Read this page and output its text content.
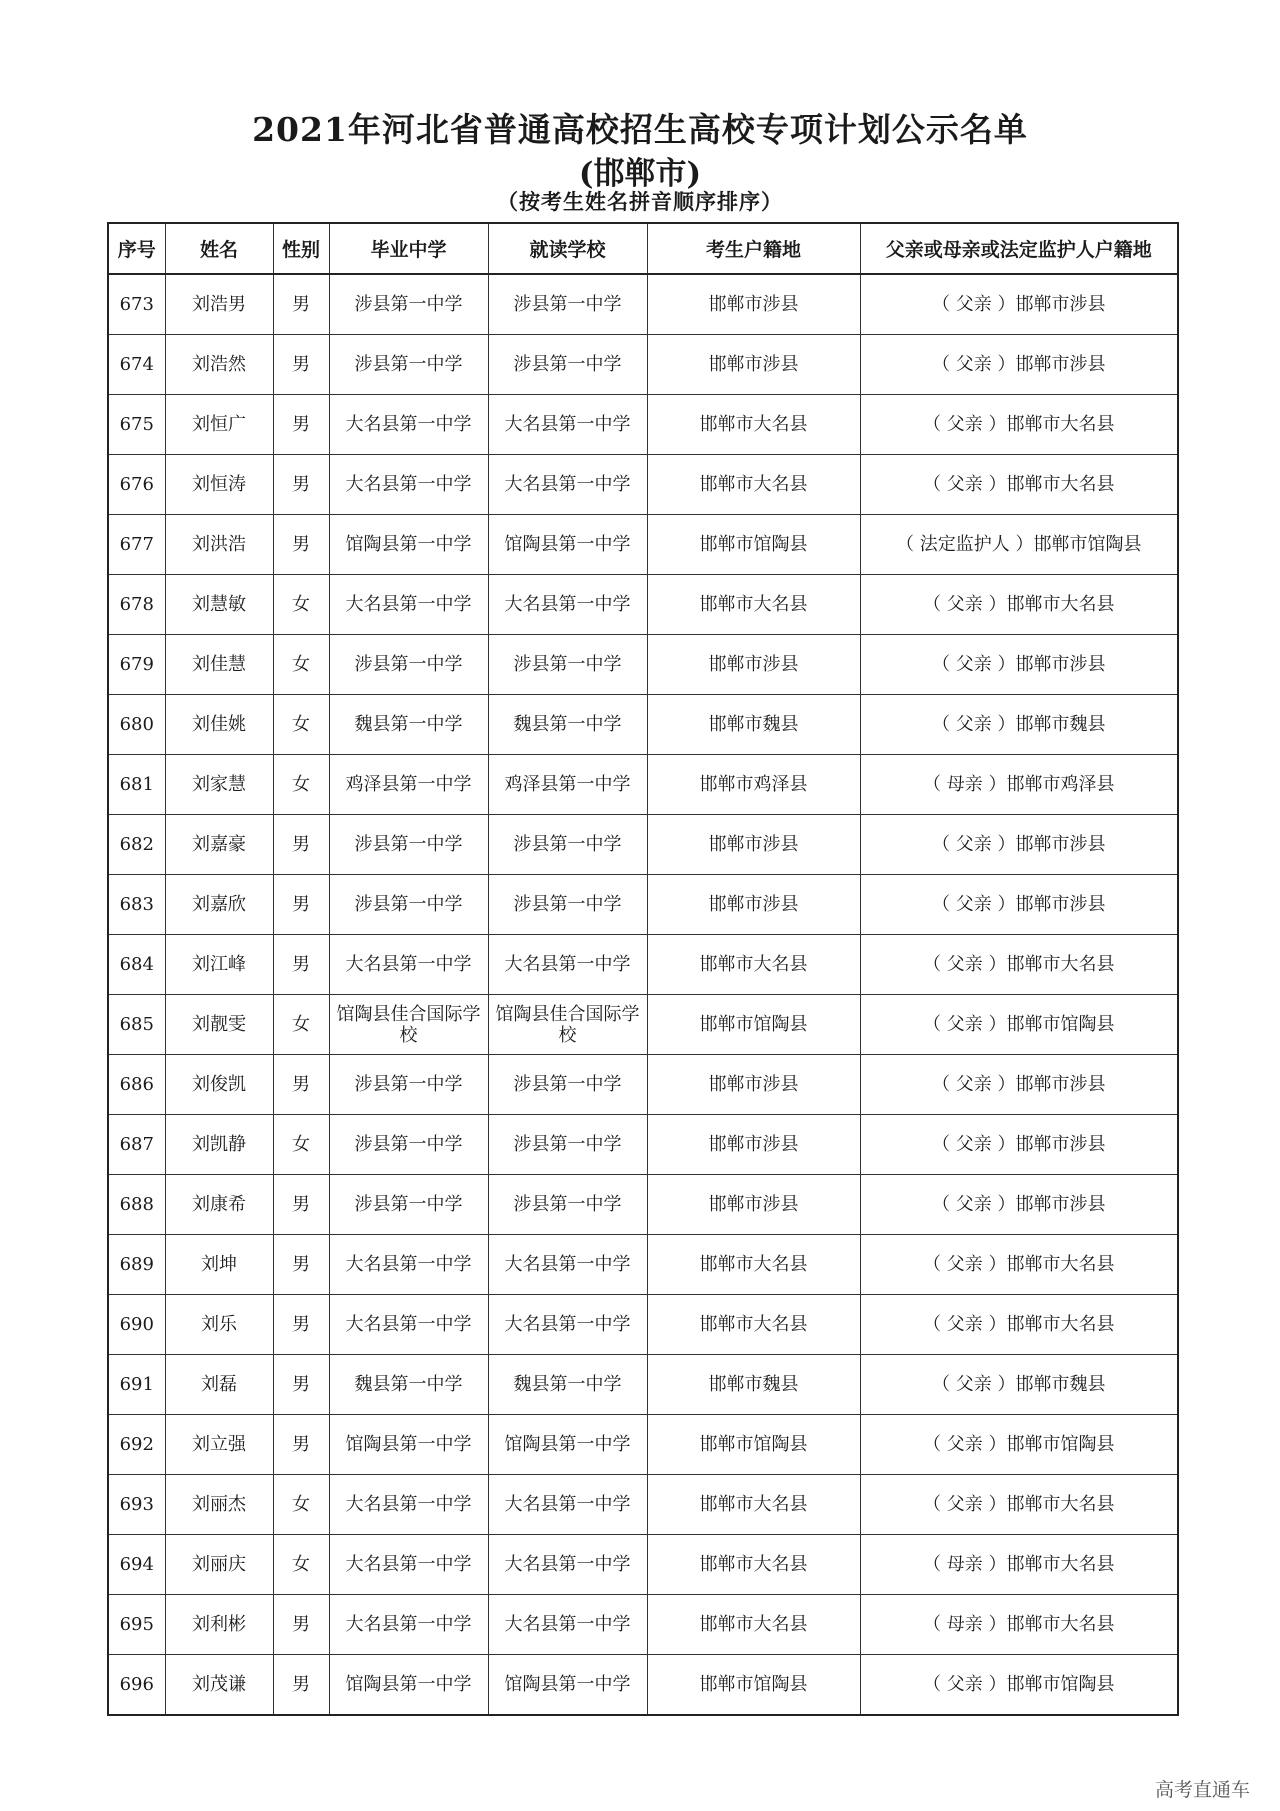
2021年河北省普通高校招生高校专项计划公示名单
(邯郸市)
（按考生姓名拼音顺序排序）
序号	姓名	性别	毕业中学	就读学校	考生户籍地	父亲或母亲或法定监护人户籍地
673	刘浩男	男	涉县第一中学	涉县第一中学	邯郸市涉县	（ 父亲 ）邯郸市涉县
674	刘浩然	男	涉县第一中学	涉县第一中学	邯郸市涉县	（ 父亲 ）邯郸市涉县
675	刘恒广	男	大名县第一中学	大名县第一中学	邯郸市大名县	（ 父亲 ）邯郸市大名县
676	刘恒涛	男	大名县第一中学	大名县第一中学	邯郸市大名县	（ 父亲 ）邯郸市大名县
677	刘洪浩	男	馆陶县第一中学	馆陶县第一中学	邯郸市馆陶县	（ 法定监护人 ）邯郸市馆陶县
678	刘慧敏	女	大名县第一中学	大名县第一中学	邯郸市大名县	（ 父亲 ）邯郸市大名县
679	刘佳慧	女	涉县第一中学	涉县第一中学	邯郸市涉县	（ 父亲 ）邯郸市涉县
680	刘佳姚	女	魏县第一中学	魏县第一中学	邯郸市魏县	（ 父亲 ）邯郸市魏县
681	刘家慧	女	鸡泽县第一中学	鸡泽县第一中学	邯郸市鸡泽县	（ 母亲 ）邯郸市鸡泽县
682	刘嘉豪	男	涉县第一中学	涉县第一中学	邯郸市涉县	（ 父亲 ）邯郸市涉县
683	刘嘉欣	男	涉县第一中学	涉县第一中学	邯郸市涉县	（ 父亲 ）邯郸市涉县
684	刘江峰	男	大名县第一中学	大名县第一中学	邯郸市大名县	（ 父亲 ）邯郸市大名县
685	刘靓雯	女	馆陶县佳合国际学校	馆陶县佳合国际学校	邯郸市馆陶县	（ 父亲 ）邯郸市馆陶县
686	刘俊凯	男	涉县第一中学	涉县第一中学	邯郸市涉县	（ 父亲 ）邯郸市涉县
687	刘凯静	女	涉县第一中学	涉县第一中学	邯郸市涉县	（ 父亲 ）邯郸市涉县
688	刘康希	男	涉县第一中学	涉县第一中学	邯郸市涉县	（ 父亲 ）邯郸市涉县
689	刘坤	男	大名县第一中学	大名县第一中学	邯郸市大名县	（ 父亲 ）邯郸市大名县
690	刘乐	男	大名县第一中学	大名县第一中学	邯郸市大名县	（ 父亲 ）邯郸市大名县
691	刘磊	男	魏县第一中学	魏县第一中学	邯郸市魏县	（ 父亲 ）邯郸市魏县
692	刘立强	男	馆陶县第一中学	馆陶县第一中学	邯郸市馆陶县	（ 父亲 ）邯郸市馆陶县
693	刘丽杰	女	大名县第一中学	大名县第一中学	邯郸市大名县	（ 父亲 ）邯郸市大名县
694	刘丽庆	女	大名县第一中学	大名县第一中学	邯郸市大名县	（ 母亲 ）邯郸市大名县
695	刘利彬	男	大名县第一中学	大名县第一中学	邯郸市大名县	（ 母亲 ）邯郸市大名县
696	刘茂谦	男	馆陶县第一中学	馆陶县第一中学	邯郸市馆陶县	（ 父亲 ）邯郸市馆陶县
高考直通车
